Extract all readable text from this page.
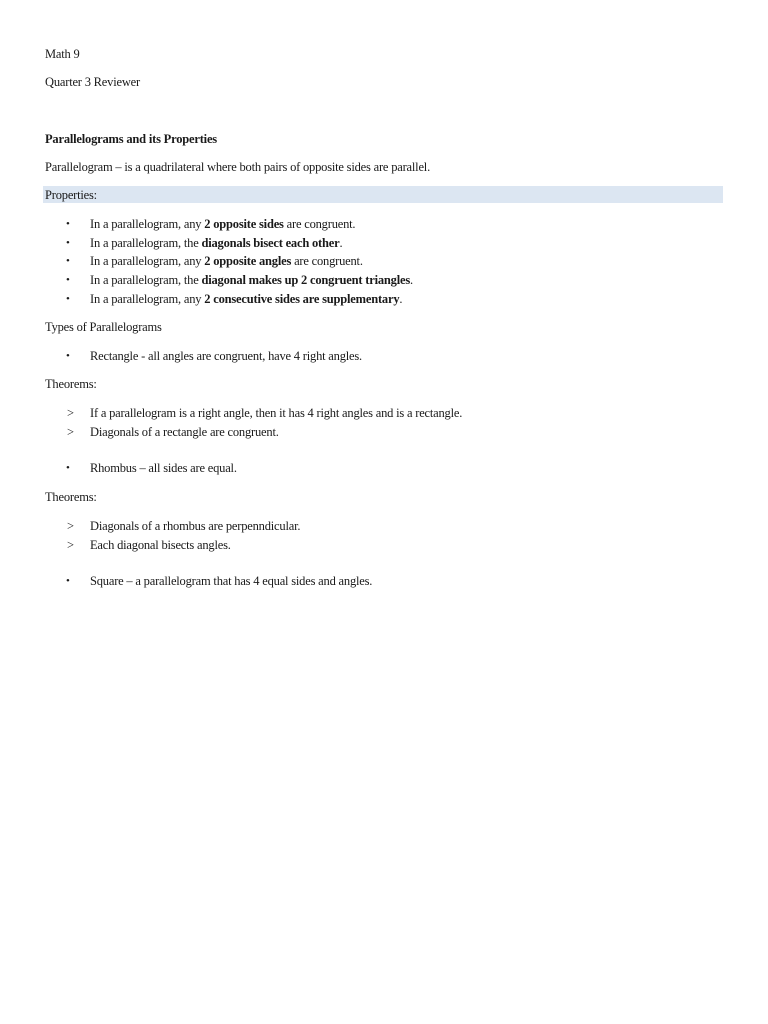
Math 9
Quarter 3 Reviewer
Parallelograms and its Properties
Parallelogram – is a quadrilateral where both pairs of opposite sides are parallel.
Properties:
• In a parallelogram, any 2 opposite sides are congruent.
• In a parallelogram, the diagonals bisect each other.
• In a parallelogram, any 2 opposite angles are congruent.
• In a parallelogram, the diagonal makes up 2 congruent triangles.
• In a parallelogram, any 2 consecutive sides are supplementary.
Types of Parallelograms
• Rectangle - all angles are congruent, have 4 right angles.
Theorems:
> If a parallelogram is a right angle, then it has 4 right angles and is a rectangle.
> Diagonals of a rectangle are congruent.
• Rhombus – all sides are equal.
Theorems:
> Diagonals of a rhombus are perpenndicular.
> Each diagonal bisects angles.
• Square – a parallelogram that has 4 equal sides and angles.
